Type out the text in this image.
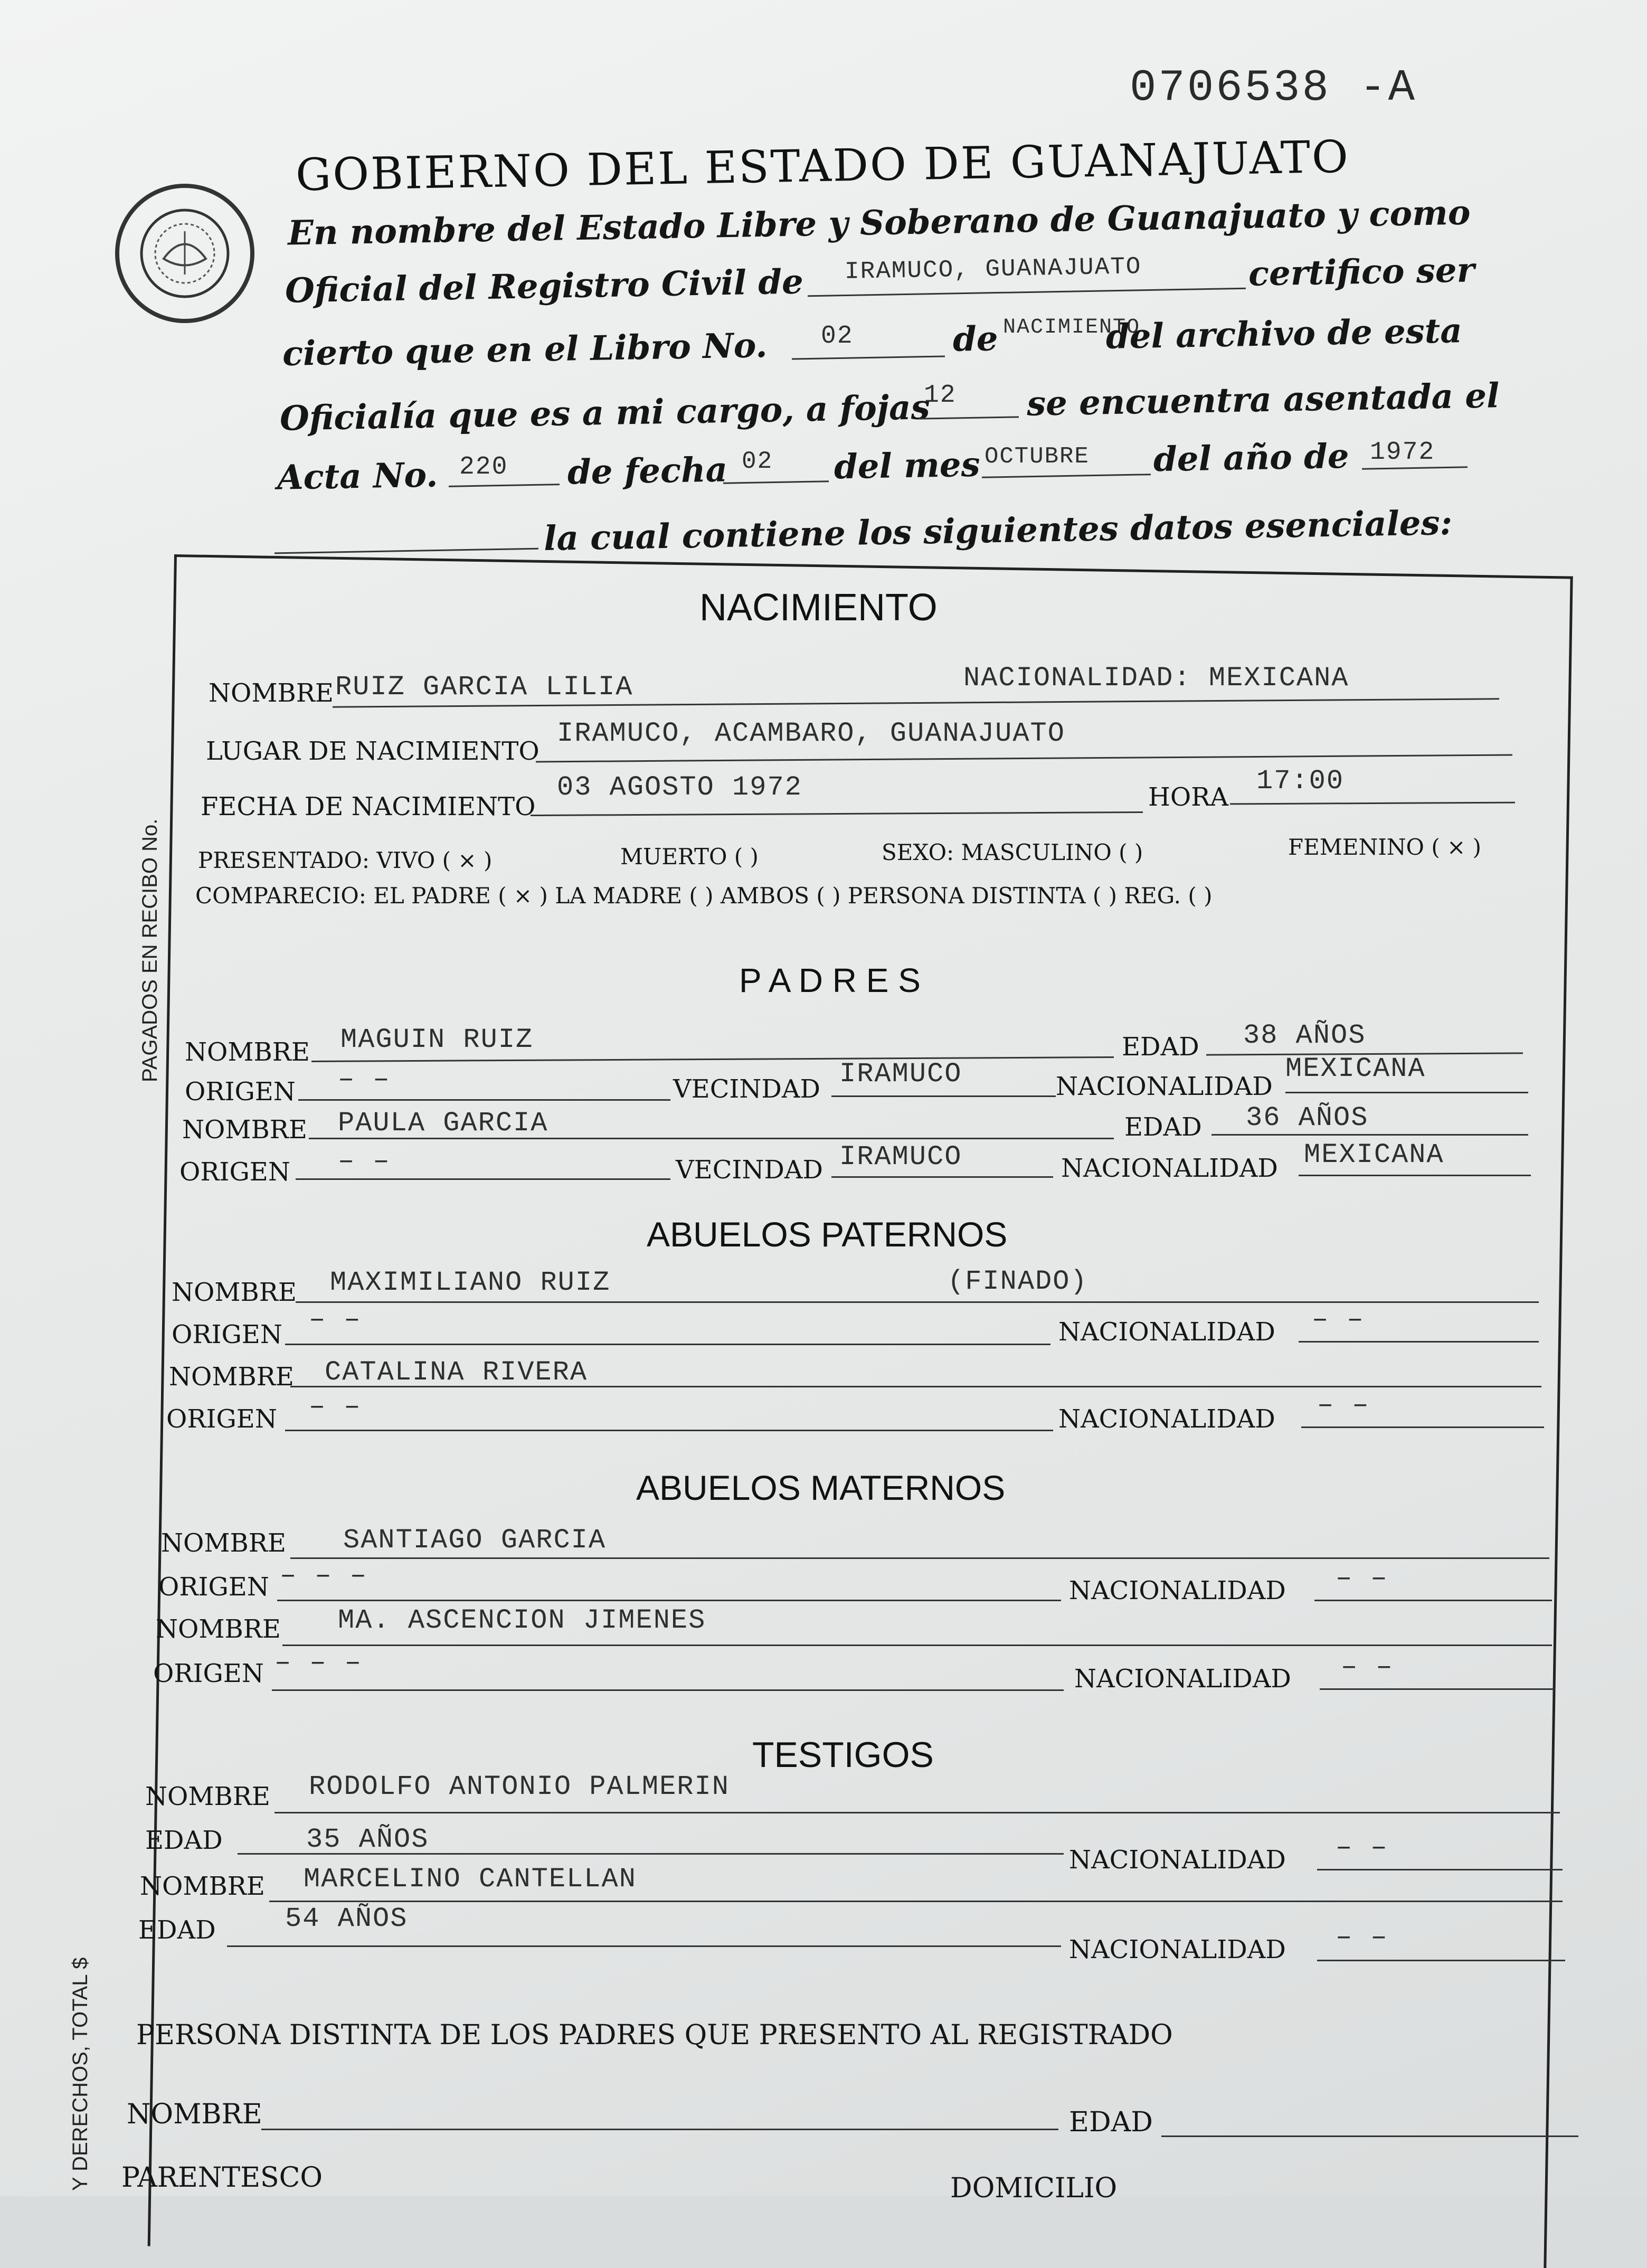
0706538 -A
GOBIERNO DEL ESTADO DE GUANAJUATO
En nombre del Estado Libre y Soberano de Guanajuato y como
Oficial del Registro Civil de IRAMUCO, GUANAJUATO	certifico ser
cierto que en el Libro No. 02	de NACIMIENTO
del archivo de esta
Oficialía que es a mi cargo, a fojas
12 se encuentra asentada el
Acta No. 220 de fecha 02 del mes OCTUBRE del año de 1972
la cual contiene los siguientes datos esenciales:
PAGADOS EN RECIBO No.
Y DERECHOS, TOTAL $
NACIMIENTO
NOMBRE RUIZ GARCIA LILIA	NACIONALIDAD: MEXICANA
LUGAR DE NACIMIENTO
IRAMUCO, ACAMBARO, GUANAJUATO
FECHA DE NACIMIENTO
03 AGOSTO 1972	HORA
17:00
PRESENTADO: VIVO ( × )	MUERTO ( )	SEXO: MASCULINO ( )	FEMENINO ( × )
COMPARECIO: EL PADRE ( × ) LA MADRE ( ) AMBOS ( ) PERSONA DISTINTA ( ) REG. ( )
P A D R E S
NOMBRE MAGUIN RUIZ	EDAD 38 AÑOS
ORIGEN – –	VECINDAD IRAMUCO	NACIONALIDAD
MEXICANA
NOMBRE PAULA GARCIA	EDAD 36 AÑOS
ORIGEN – –	VECINDAD IRAMUCO	NACIONALIDAD MEXICANA
ABUELOS PATERNOS
NOMBRE MAXIMILIANO RUIZ	(FINADO)
ORIGEN – –	NACIONALIDAD – –
NOMBRE CATALINA RIVERA
ORIGEN – –	NACIONALIDAD – –
ABUELOS MATERNOS
NOMBRE SANTIAGO GARCIA
ORIGEN – – –	NACIONALIDAD – –
NOMBRE MA. ASCENCION JIMENES
ORIGEN – – –
NACIONALIDAD – –
TESTIGOS
NOMBRE RODOLFO ANTONIO PALMERIN
EDAD	35 AÑOS
NACIONALIDAD – –
NOMBRE MARCELINO CANTELLAN
EDAD	54 AÑOS
NACIONALIDAD – –
PERSONA DISTINTA DE LOS PADRES QUE PRESENTO AL REGISTRADO
NOMBRE	EDAD
PARENTESCO	DOMICILIO
